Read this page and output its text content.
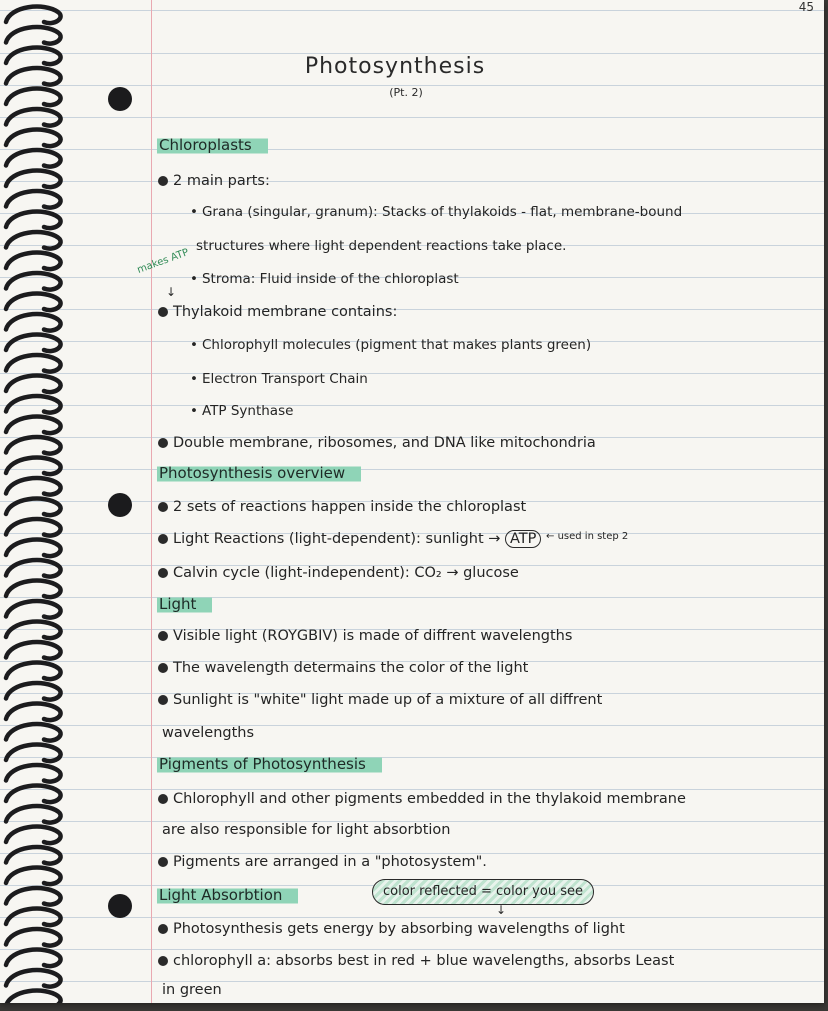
45
Photosynthesis
(Pt. 2)
Chloroplasts
2 main parts:
• Grana (singular, granum): Stacks of thylakoids - flat, membrane-bound
structures where light dependent reactions take place.
• Stroma: Fluid inside of the chloroplast
makes ATP
↓
Thylakoid membrane contains:
• Chlorophyll molecules (pigment that makes plants green)
• Electron Transport Chain
• ATP Synthase
Double membrane, ribosomes, and DNA like mitochondria
Photosynthesis overview
2 sets of reactions happen inside the chloroplast
Light Reactions (light-dependent): sunlight → ATP ← used in step 2
Calvin cycle (light-independent): CO₂ → glucose
Light
Visible light (ROYGBIV) is made of diffrent wavelengths
The wavelength determains the color of the light
Sunlight is "white" light made up of a mixture of all diffrent
wavelengths
Pigments of Photosynthesis
Chlorophyll and other pigments embedded in the thylakoid membrane
are also responsible for light absorbtion
Pigments are arranged in a "photosystem".
Light Absorbtion	color reflected = color you see
↓
Photosynthesis gets energy by absorbing wavelengths of light
chlorophyll a: absorbs best in red + blue wavelengths, absorbs Least
in green
